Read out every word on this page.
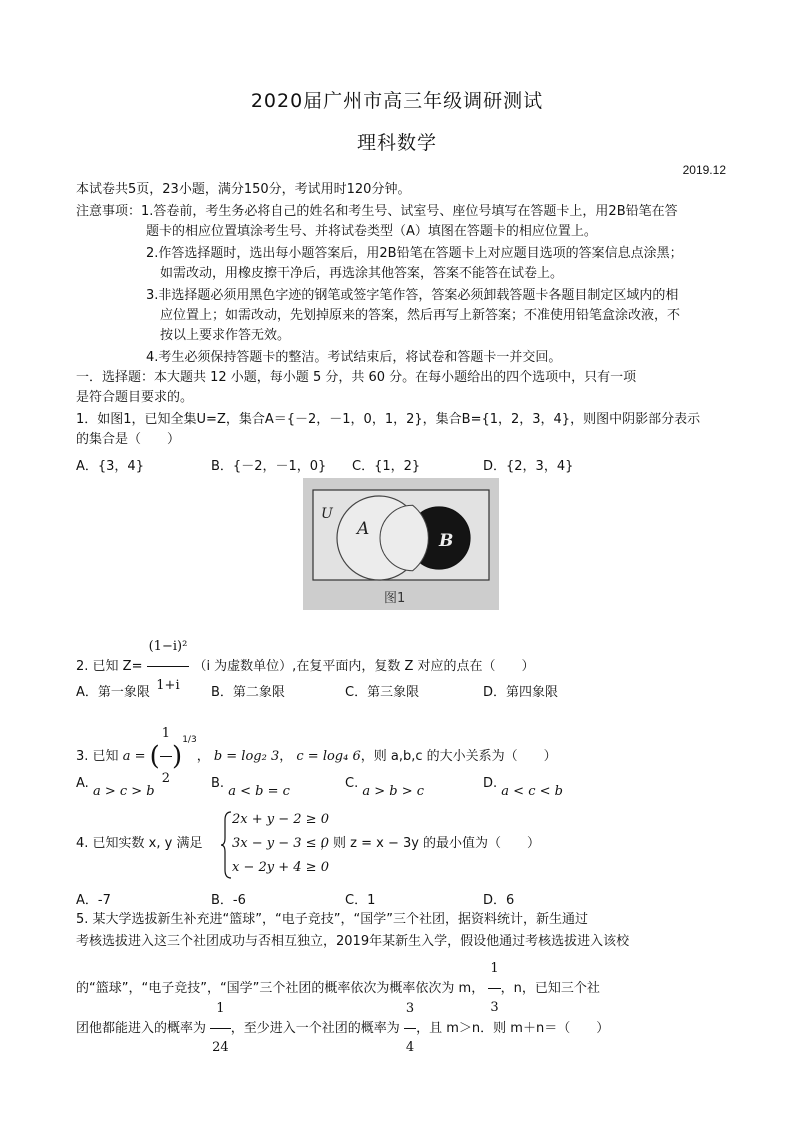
2020届广州市高三年级调研测试
理科数学
2019.12
本试卷共5页，23小题，满分150分，考试用时120分钟。
注意事项：1.答卷前，考生务必将自己的姓名和考生号、试室号、座位号填写在答题卡上，用2B铅笔在答
题卡的相应位置填涂考生号、并将试卷类型（A）填图在答题卡的相应位置上。
2.作答选择题时，选出每小题答案后，用2B铅笔在答题卡上对应题目选项的答案信息点涂黑；
如需改动，用橡皮擦干净后，再选涂其他答案，答案不能答在试卷上。
3.非选择题必须用黑色字迹的钢笔或签字笔作答，答案必须卸载答题卡各题目制定区域内的相
应位置上；如需改动，先划掉原来的答案，然后再写上新答案；不准使用铅笔盒涂改液，不
按以上要求作答无效。
4.考生必须保持答题卡的整洁。考试结束后，将试卷和答题卡一并交回。
一．选择题：本大题共 12 小题，每小题 5 分，共 60 分。在每小题给出的四个选项中，只有一项
是符合题目要求的。
1．如图1，已知全集U=Z，集合A＝{－2，－1，0，1，2}，集合B={1，2，3，4}，则图中阴影部分表示
的集合是（　　）
A．{3，4}	B．{－2，－1，0} C．{1，2}	D．{2，3，4}
U
A
B
图1
2. 已知 $Z= \frac{\text{(1−i)²}}{1+i} (i$ 为虚数单位）,在复平面内，复数 Z 对应的点在（　　）
A．第一象限	B．第二象限	C．第三象限	D．第四象限
3. 已知 a = ( $\frac{1}{2} )^{1/3}$， b = log₂ 3， c = log₄ 6，则 a,b,c 的大小关系为（　　）
A. a > c > b
B. a < b = c
C. a > b > c
D. a < c < b
4. 已知实数 x, y 满足
2x + y − 2 ≥ 0
3x − y − 3 ≤ 0
x − 2y + 4 ≥ 0
，则 z = x − 3y 的最小值为（　　）
A．-7	B．-6	C．1	D．6
5. 某大学选拔新生补充进“篮球”，“电子竞技”，“国学”三个社团，据资料统计，新生通过
考核选拔进入这三个社团成功与否相互独立，2019年某新生入学，假设他通过考核选拔进入该校
的“篮球”，“电子竞技”，“国学”三个社团的概率依次为概率依次为 m， $\frac{1}{3}$ ，n，已知三个社
团他都能进入的概率为 $\frac{1}{24}$ ，至少进入一个社团的概率为 $\frac{3}{4}$ ，且 m＞n．则 m＋n＝（　　）
